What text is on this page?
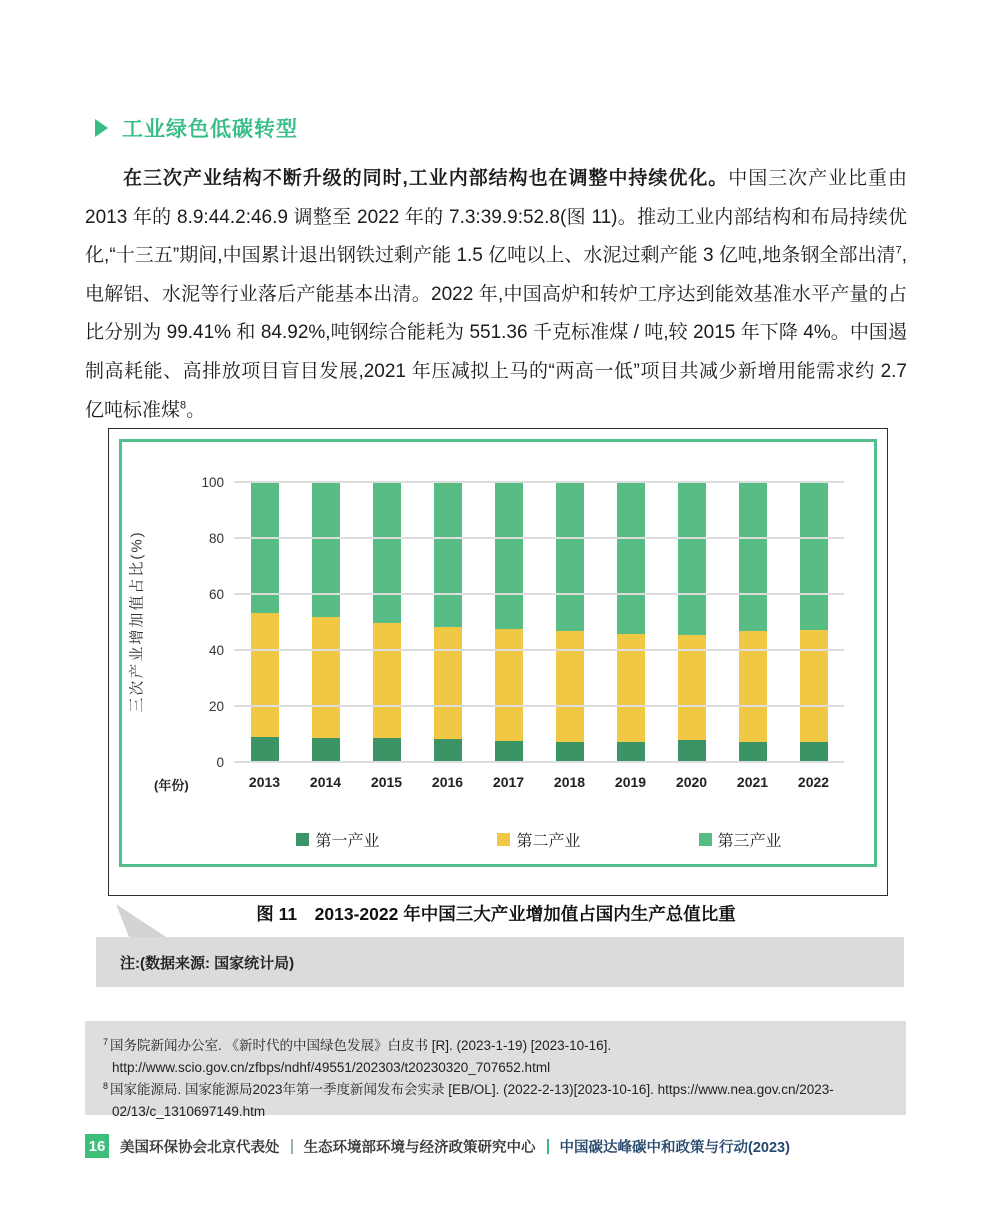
工业绿色低碳转型

在三次产业结构不断升级的同时,工业内部结构也在调整中持续优化。中国三次产业比重由 2013 年的 8.9:44.2:46.9 调整至 2022 年的 7.3:39.9:52.8(图 11)。推动工业内部结构和布局持续优化,“十三五”期间,中国累计退出钢铁过剩产能 1.5 亿吨以上、水泥过剩产能 3 亿吨,地条钢全部出清$^7$,电解铝、水泥等行业落后产能基本出清。2022 年,中国高炉和转炉工序达到能效基准水平产量的占比分别为 99.41% 和 84.92%,吨钢综合能耗为 551.36 千克标准煤 / 吨,较 2015 年下降 4%。中国遏制高耗能、高排放项目盲目发展,2021 年压减拟上马的“两高一低”项目共减少新增用能需求约 2.7 亿吨标准煤$^8$。

三次产业增加值占比(%)
0
20
40
60
80
100
(年份)	2013	2014	2015	2016	2017	2018	2019	2020	2021	2022
第一产业	第二产业	第三产业
图 11　2013-2022 年中国三大产业增加值占国内生产总值比重
注:(数据来源: 国家统计局)
$^7$ 国务院新闻办公室. 《新时代的中国绿色发展》白皮书 [R]. (2023-1-19) [2023-10-16]. http://www.scio.gov.cn/zfbps/ndhf/49551/202303/t20230320_707652.html
$^8$ 国家能源局. 国家能源局2023年第一季度新闻发布会实录 [EB/OL]. (2022-2-13)[2023-10-16]. https://www.nea.gov.cn/2023-02/13/c_1310697149.htm
16 美国环保协会北京代表处 生态环境部环境与经济政策研究中心 中国碳达峰碳中和政策与行动(2023)
